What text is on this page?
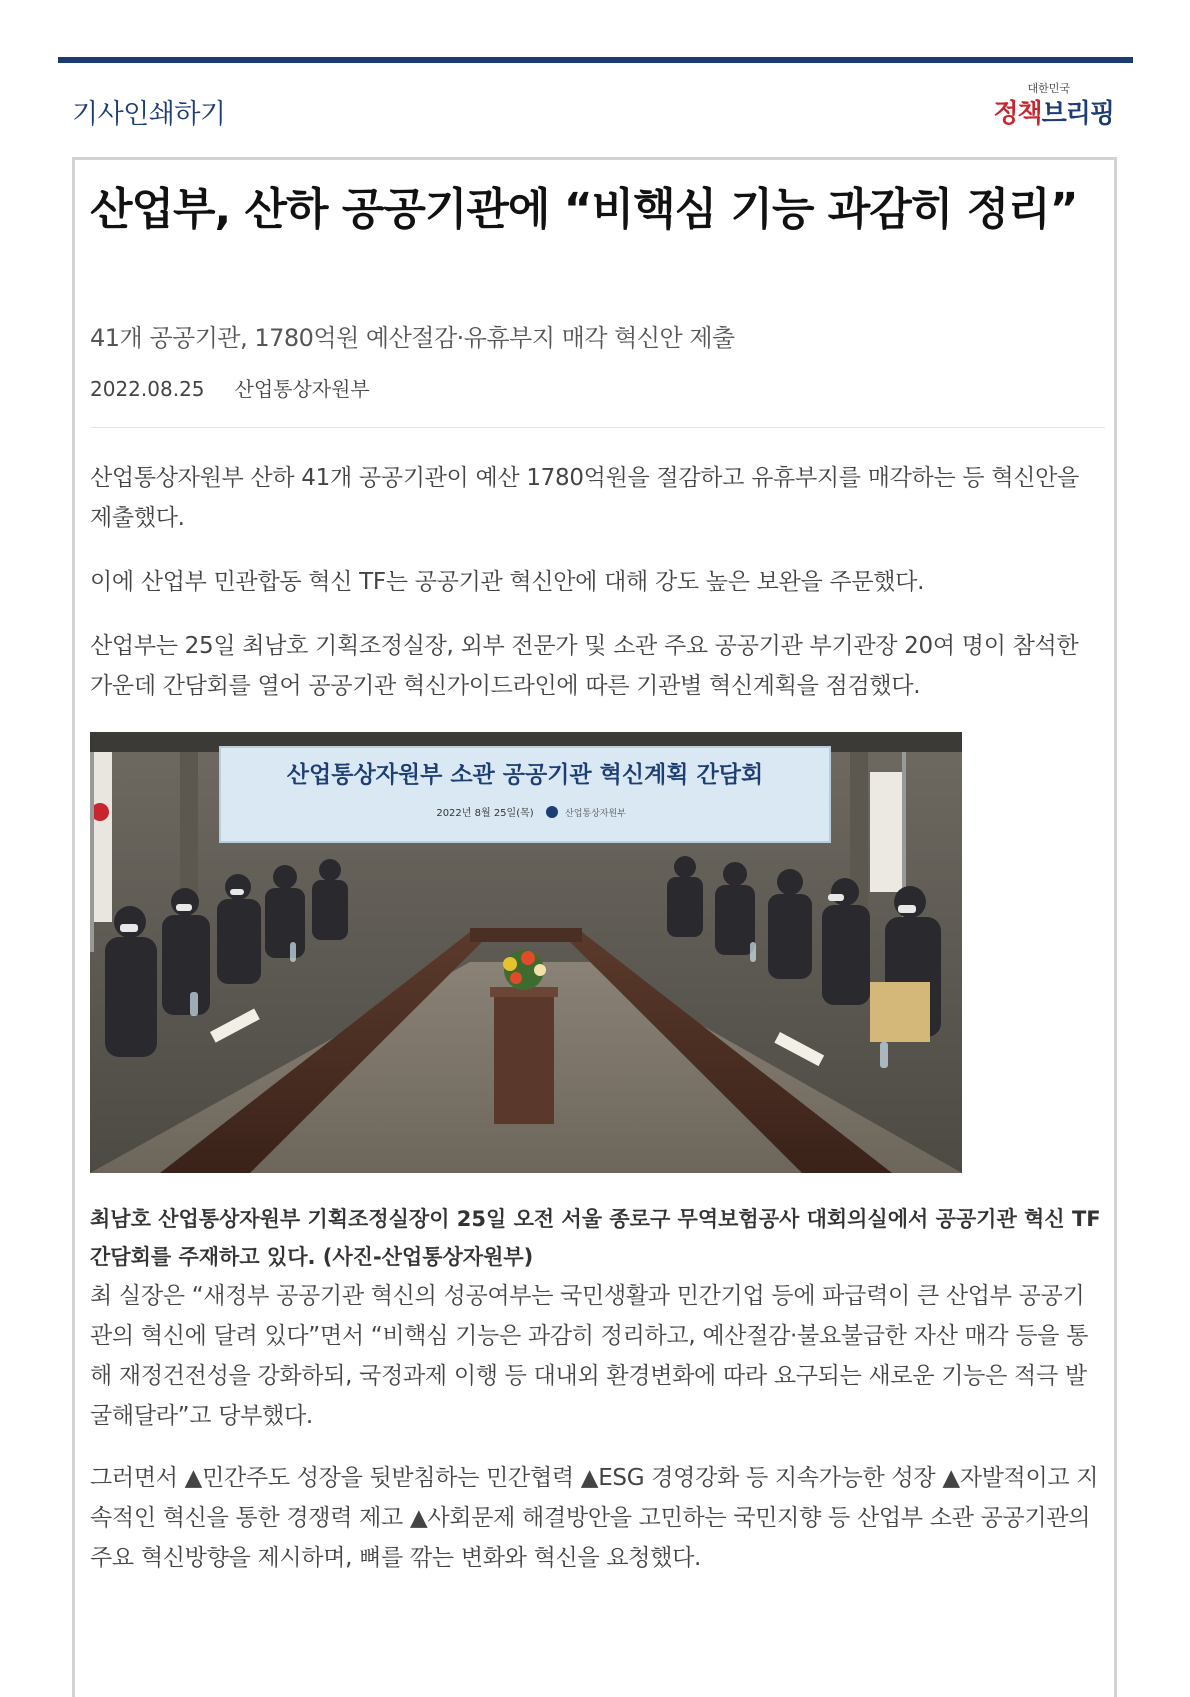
기사인쇄하기
대한민국
정책브리핑
산업부, 산하 공공기관에 “비핵심 기능 과감히 정리”
41개 공공기관, 1780억원 예산절감·유휴부지 매각 혁신안 제출
2022.08.25 산업통상자원부

산업통상자원부 산하 41개 공공기관이 예산 1780억원을 절감하고 유휴부지를 매각하는 등 혁신안을 제출했다.

이에 산업부 민관합동 혁신 TF는 공공기관 혁신안에 대해 강도 높은 보완을 주문했다.

산업부는 25일 최남호 기획조정실장, 외부 전문가 및 소관 주요 공공기관 부기관장 20여 명이 참석한 가운데 간담회를 열어 공공기관 혁신가이드라인에 따른 기관별 혁신계획을 점검했다.

산업통상자원부 소관 공공기관 혁신계획 간담회
2022년 8월 25일(목)	산업통상자원부
최남호 산업통상자원부 기획조정실장이 25일 오전 서울 종로구 무역보험공사 대회의실에서 공공기관 혁신 TF 간담회를 주재하고 있다. (사진-산업통상자원부)

최 실장은 “새정부 공공기관 혁신의 성공여부는 국민생활과 민간기업 등에 파급력이 큰 산업부 공공기관의 혁신에 달려 있다”면서 “비핵심 기능은 과감히 정리하고, 예산절감·불요불급한 자산 매각 등을 통해 재정건전성을 강화하되, 국정과제 이행 등 대내외 환경변화에 따라 요구되는 새로운 기능은 적극 발굴해달라”고 당부했다.

그러면서 ▲민간주도 성장을 뒷받침하는 민간협력 ▲ESG 경영강화 등 지속가능한 성장 ▲자발적이고 지속적인 혁신을 통한 경쟁력 제고 ▲사회문제 해결방안을 고민하는 국민지향 등 산업부 소관 공공기관의 주요 혁신방향을 제시하며, 뼈를 깎는 변화와 혁신을 요청했다.
